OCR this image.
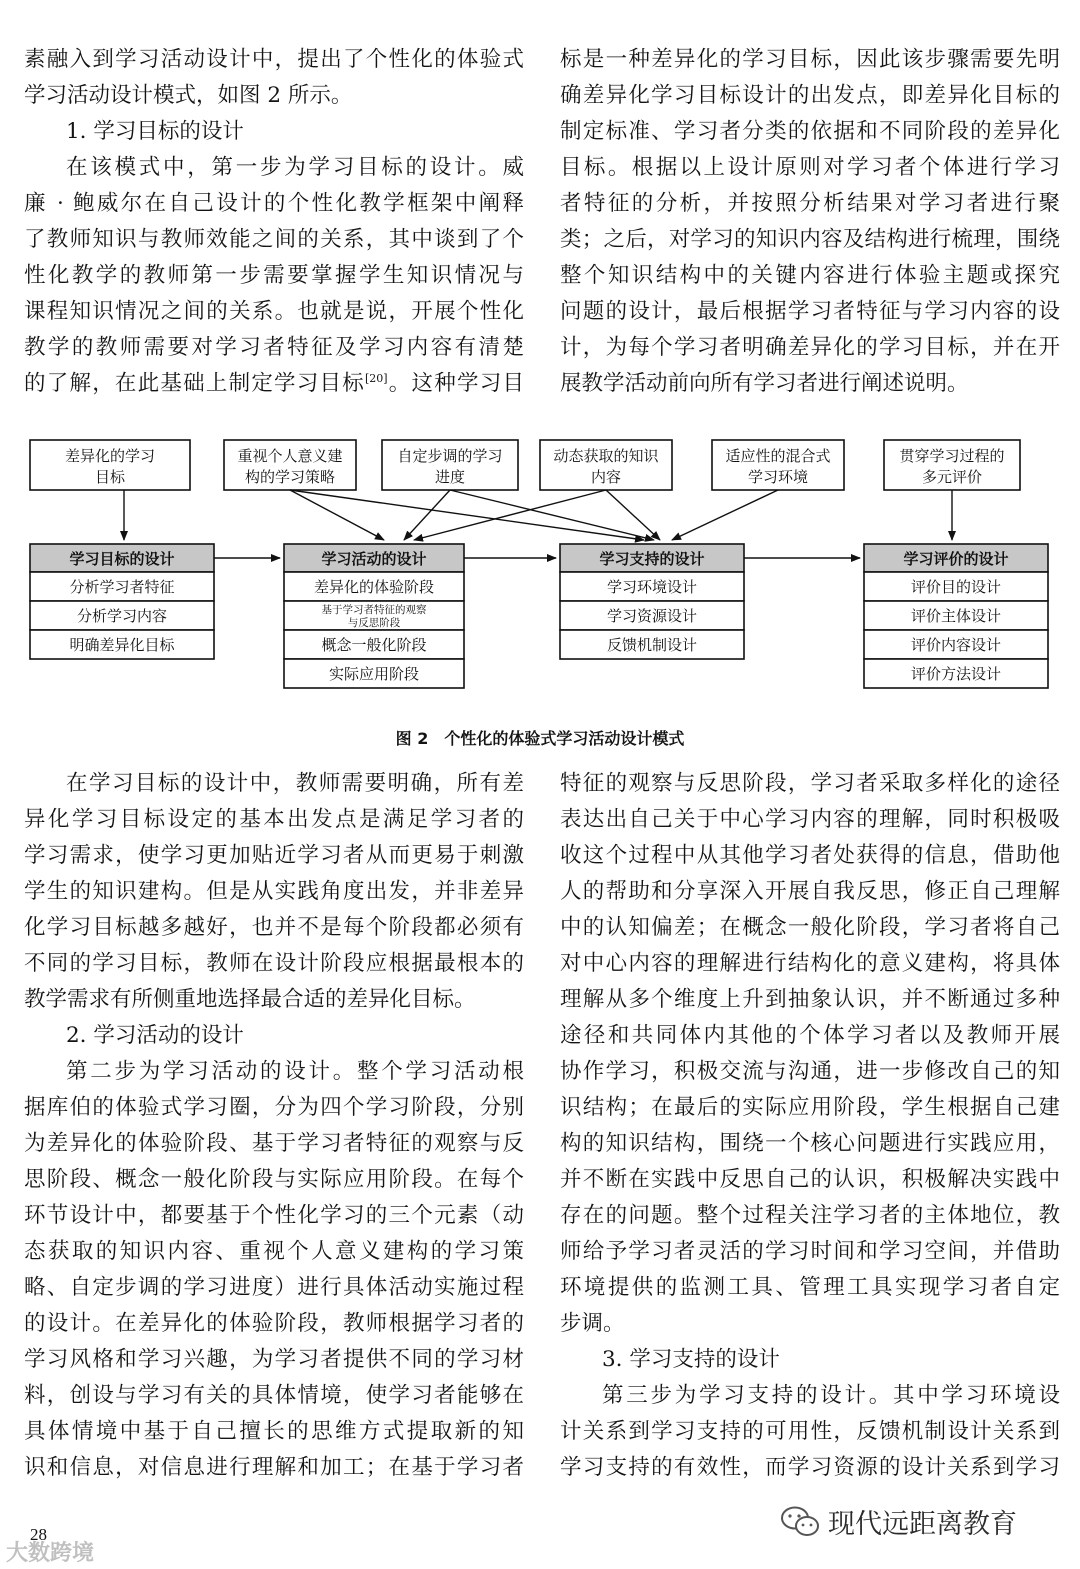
素融入到学习活动设计中，提出了个性化的体验式
学习活动设计模式，如图 2 所示。
1. 学习目标的设计
在该模式中，第一步为学习目标的设计。威
廉 · 鲍威尔在自己设计的个性化教学框架中阐释
了教师知识与教师效能之间的关系，其中谈到了个
性化教学的教师第一步需要掌握学生知识情况与
课程知识情况之间的关系。也就是说，开展个性化
教学的教师需要对学习者特征及学习内容有清楚
的了解，在此基础上制定学习目标[20]。这种学习目
标是一种差异化的学习目标，因此该步骤需要先明
确差异化学习目标设计的出发点，即差异化目标的
制定标准、学习者分类的依据和不同阶段的差异化
目标。根据以上设计原则对学习者个体进行学习
者特征的分析，并按照分析结果对学习者进行聚
类；之后，对学习的知识内容及结构进行梳理，围绕
整个知识结构中的关键内容进行体验主题或探究
问题的设计，最后根据学习者特征与学习内容的设
计，为每个学习者明确差异化的学习目标，并在开
展教学活动前向所有学习者进行阐述说明。
差异化的学习
目标
重视个人意义建
构的学习策略
自定步调的学习
进度
动态获取的知识
内容
适应性的混合式
学习环境
贯穿学习过程的
多元评价
学习目标的设计
分析学习者特征
分析学习内容
明确差异化目标
学习活动的设计
差异化的体验阶段
基于学习者特征的观察
与反思阶段
概念一般化阶段
实际应用阶段
学习支持的设计
学习环境设计
学习资源设计
反馈机制设计
学习评价的设计
评价目的设计
评价主体设计
评价内容设计
评价方法设计
图 2　个性化的体验式学习活动设计模式
在学习目标的设计中，教师需要明确，所有差
异化学习目标设定的基本出发点是满足学习者的
学习需求，使学习更加贴近学习者从而更易于刺激
学生的知识建构。但是从实践角度出发，并非差异
化学习目标越多越好，也并不是每个阶段都必须有
不同的学习目标，教师在设计阶段应根据最根本的
教学需求有所侧重地选择最合适的差异化目标。
2. 学习活动的设计
第二步为学习活动的设计。整个学习活动根
据库伯的体验式学习圈，分为四个学习阶段，分别
为差异化的体验阶段、基于学习者特征的观察与反
思阶段、概念一般化阶段与实际应用阶段。在每个
环节设计中，都要基于个性化学习的三个元素（动
态获取的知识内容、重视个人意义建构的学习策
略、自定步调的学习进度）进行具体活动实施过程
的设计。在差异化的体验阶段，教师根据学习者的
学习风格和学习兴趣，为学习者提供不同的学习材
料，创设与学习有关的具体情境，使学习者能够在
具体情境中基于自己擅长的思维方式提取新的知
识和信息，对信息进行理解和加工；在基于学习者
特征的观察与反思阶段，学习者采取多样化的途径
表达出自己关于中心学习内容的理解，同时积极吸
收这个过程中从其他学习者处获得的信息，借助他
人的帮助和分享深入开展自我反思，修正自己理解
中的认知偏差；在概念一般化阶段，学习者将自己
对中心内容的理解进行结构化的意义建构，将具体
理解从多个维度上升到抽象认识，并不断通过多种
途径和共同体内其他的个体学习者以及教师开展
协作学习，积极交流与沟通，进一步修改自己的知
识结构；在最后的实际应用阶段，学生根据自己建
构的知识结构，围绕一个核心问题进行实践应用，
并不断在实践中反思自己的认识，积极解决实践中
存在的问题。整个过程关注学习者的主体地位，教
师给予学习者灵活的学习时间和学习空间，并借助
环境提供的监测工具、管理工具实现学习者自定
步调。
3. 学习支持的设计
第三步为学习支持的设计。其中学习环境设
计关系到学习支持的可用性，反馈机制设计关系到
学习支持的有效性，而学习资源的设计关系到学习
28
大数跨境
现代远距离教育
